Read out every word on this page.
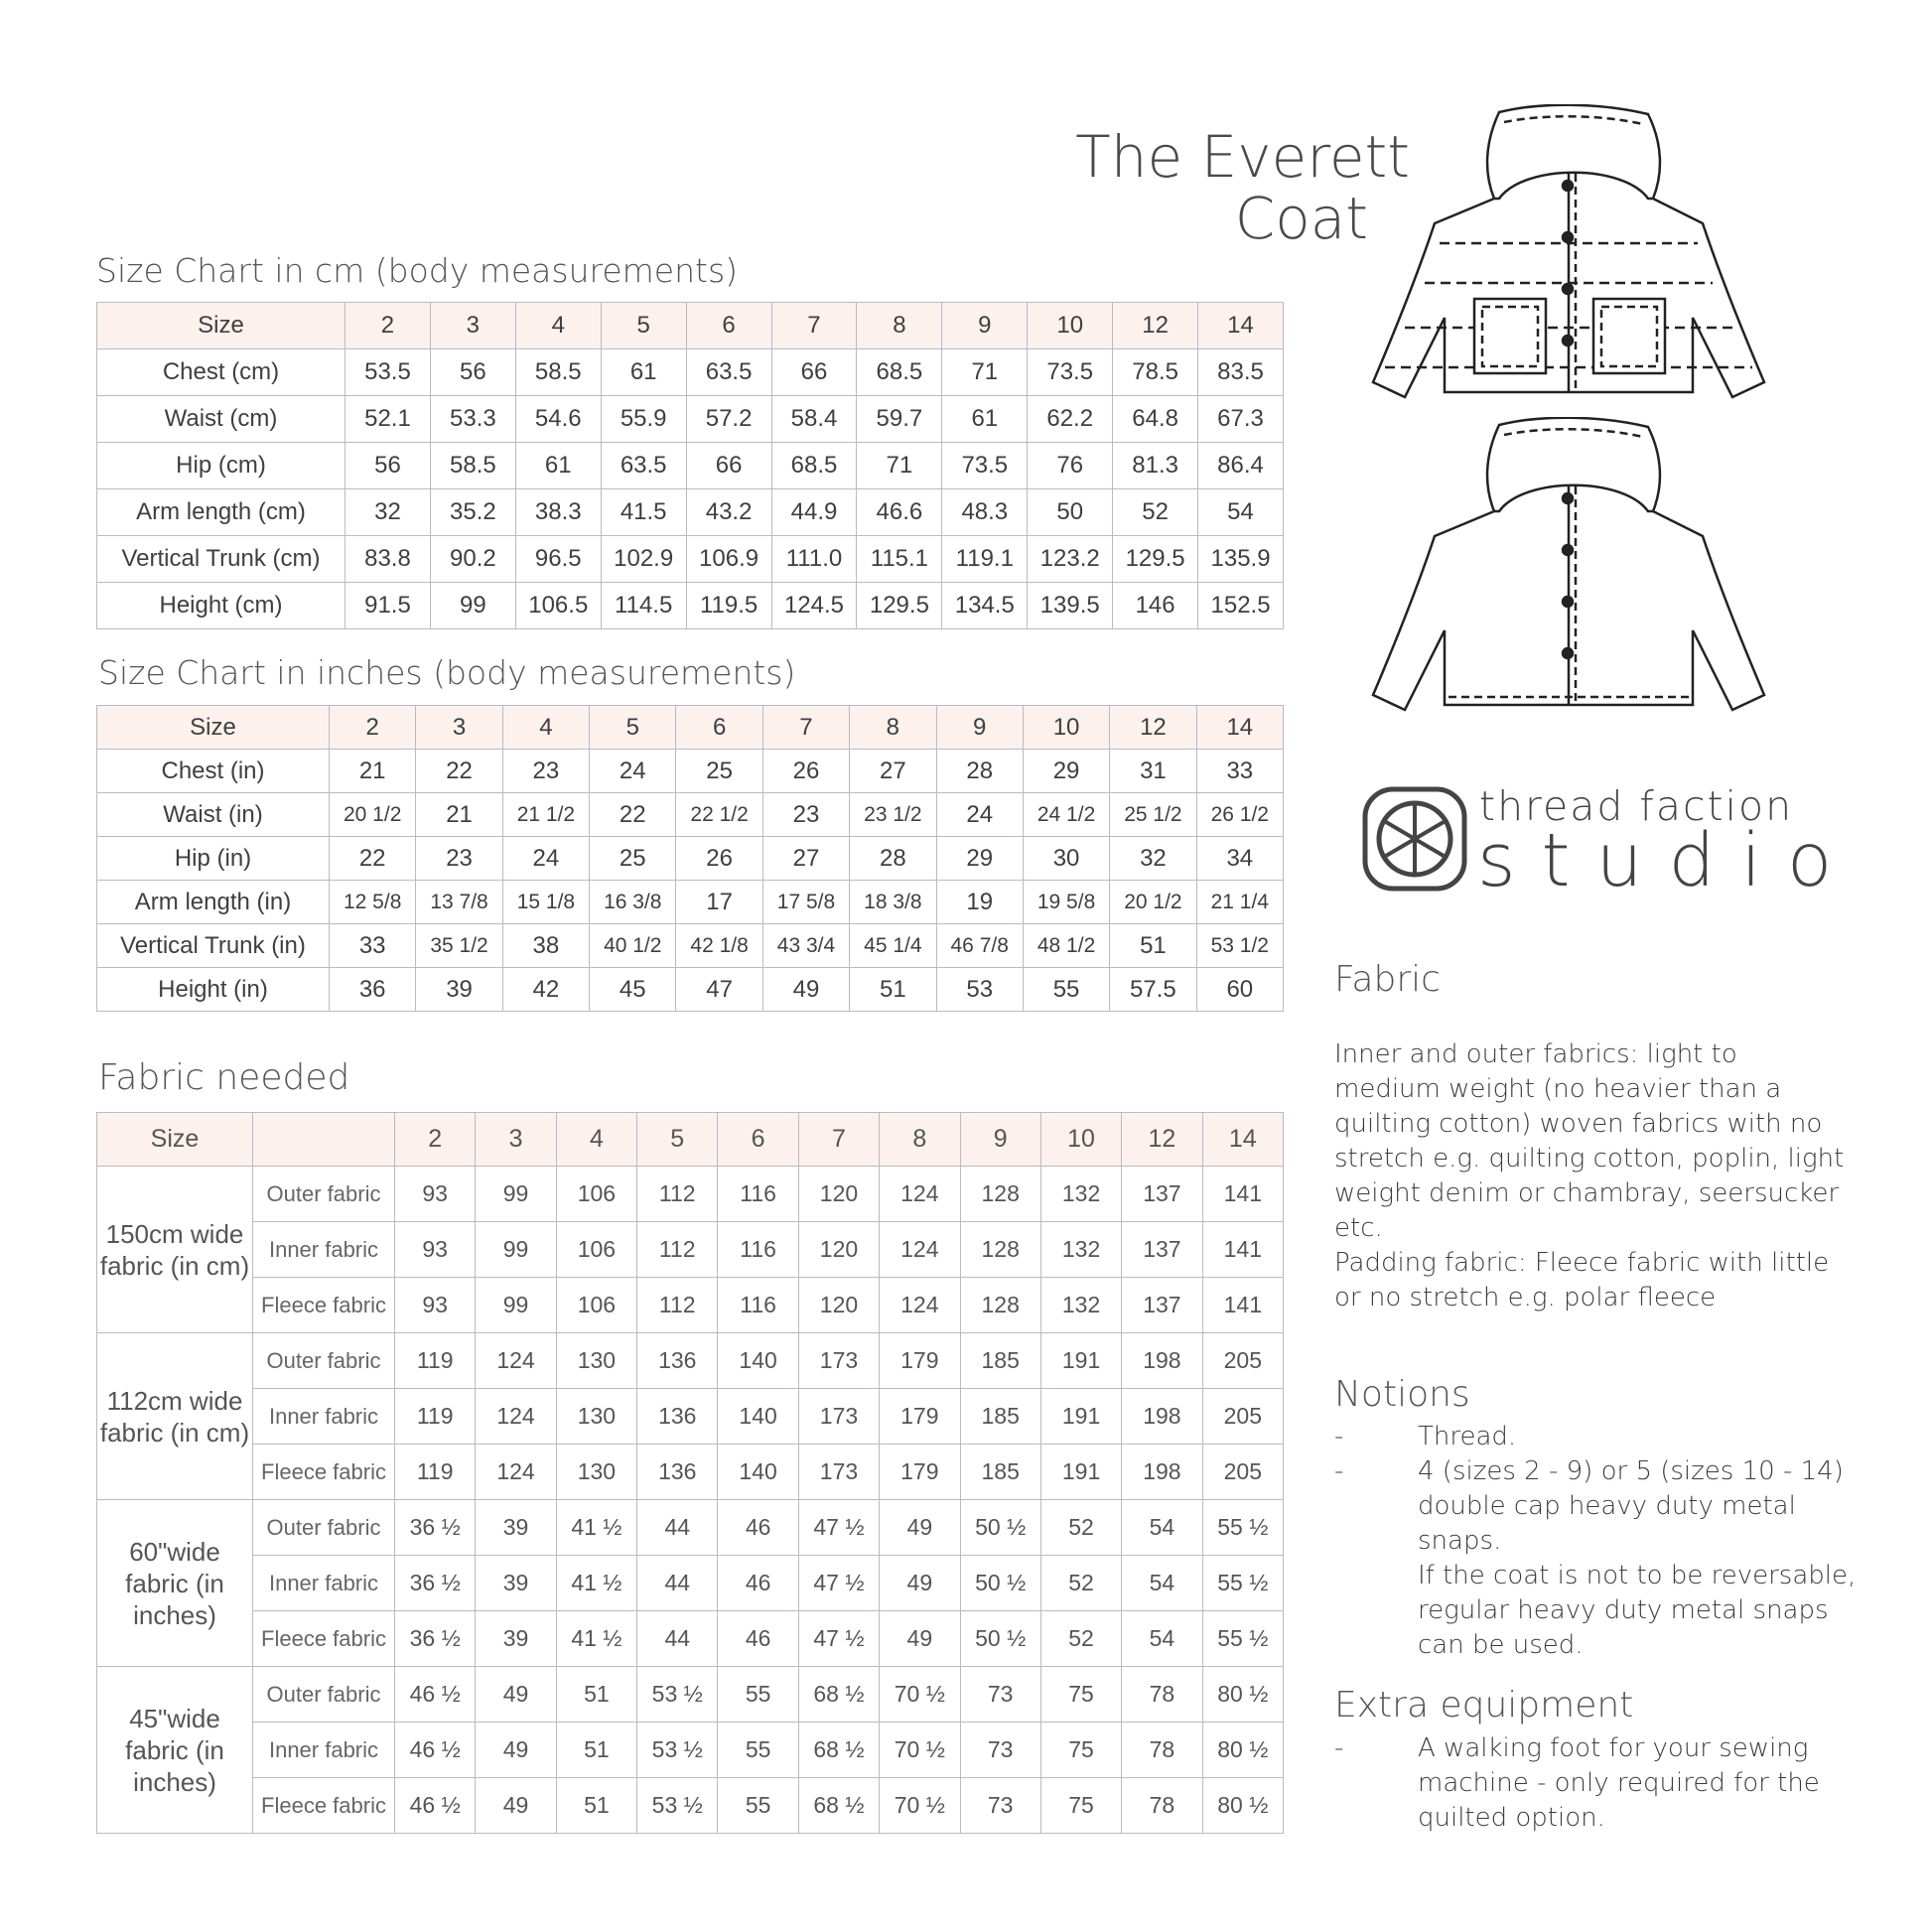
The Everett
Coat
Size Chart in cm (body measurements)
Size	2	3	4	5	6	7	8	9	10	12	14
Chest (cm)	53.5	56	58.5	61	63.5	66	68.5	71	73.5	78.5	83.5
Waist (cm)	52.1	53.3	54.6	55.9	57.2	58.4	59.7	61	62.2	64.8	67.3
Hip (cm)	56	58.5	61	63.5	66	68.5	71	73.5	76	81.3	86.4
Arm length (cm)	32	35.2	38.3	41.5	43.2	44.9	46.6	48.3	50	52	54
Vertical Trunk (cm)	83.8	90.2	96.5	102.9	106.9	111.0	115.1	119.1	123.2	129.5	135.9
Height (cm)	91.5	99	106.5	114.5	119.5	124.5	129.5	134.5	139.5	146	152.5
Size Chart in inches (body measurements)
Size	2	3	4	5	6	7	8	9	10	12	14
Chest (in)	21	22	23	24	25	26	27	28	29	31	33
Waist (in)	20 1/2	21	21 1/2	22	22 1/2	23	23 1/2	24	24 1/2	25 1/2	26 1/2
Hip (in)	22	23	24	25	26	27	28	29	30	32	34
Arm length (in)	12 5/8	13 7/8	15 1/8	16 3/8	17	17 5/8	18 3/8	19	19 5/8	20 1/2	21 1/4
Vertical Trunk (in)	33	35 1/2	38	40 1/2	42 1/8	43 3/4	45 1/4	46 7/8	48 1/2	51	53 1/2
Height (in)	36	39	42	45	47	49	51	53	55	57.5	60
Fabric needed
Size		2	3	4	5	6	7	8	9	10	12	14
150cm wide fabric (in cm)	Outer fabric	93	99	106	112	116	120	124	128	132	137	141
	Inner fabric	93	99	106	112	116	120	124	128	132	137	141
	Fleece fabric	93	99	106	112	116	120	124	128	132	137	141
112cm wide fabric (in cm)	Outer fabric	119	124	130	136	140	173	179	185	191	198	205
	Inner fabric	119	124	130	136	140	173	179	185	191	198	205
	Fleece fabric	119	124	130	136	140	173	179	185	191	198	205
60"wide fabric (in inches)	Outer fabric	36 ½	39	41 ½	44	46	47 ½	49	50 ½	52	54	55 ½
	Inner fabric	36 ½	39	41 ½	44	46	47 ½	49	50 ½	52	54	55 ½
	Fleece fabric	36 ½	39	41 ½	44	46	47 ½	49	50 ½	52	54	55 ½
45"wide fabric (in inches)	Outer fabric	46 ½	49	51	53 ½	55	68 ½	70 ½	73	75	78	80 ½
	Inner fabric	46 ½	49	51	53 ½	55	68 ½	70 ½	73	75	78	80 ½
	Fleece fabric	46 ½	49	51	53 ½	55	68 ½	70 ½	73	75	78	80 ½
thread faction
studio
Fabric
Inner and outer fabrics: light to medium weight (no heavier than a quilting cotton) woven fabrics with no stretch e.g. quilting cotton, poplin, light weight denim or chambray, seersucker etc.
Padding fabric: Fleece fabric with little or no stretch e.g. polar fleece
Notions
-	Thread.
-	4 (sizes 2 - 9) or 5 (sizes 10 - 14) double cap heavy duty metal snaps.
If the coat is not to be reversable, regular heavy duty metal snaps can be used.
Extra equipment
-	A walking foot for your sewing machine - only required for the quilted option.
